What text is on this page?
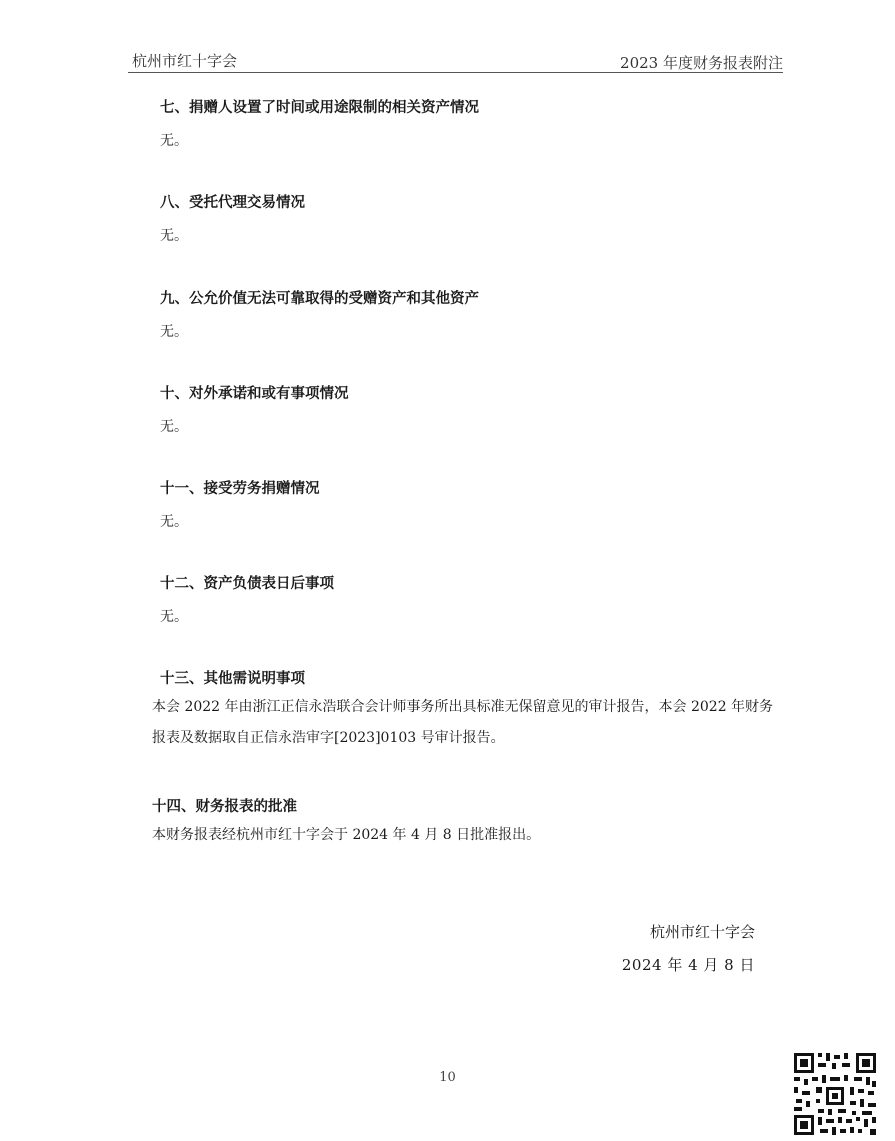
杭州市红十字会	2023 年度财务报表附注
七、捐赠人设置了时间或用途限制的相关资产情况
无。
八、受托代理交易情况
无。
九、公允价值无法可靠取得的受赠资产和其他资产
无。
十、对外承诺和或有事项情况
无。
十一、接受劳务捐赠情况
无。
十二、资产负债表日后事项
无。
十三、其他需说明事项
本会 2022 年由浙江正信永浩联合会计师事务所出具标准无保留意见的审计报告，本会 2022 年财务报表及数据取自正信永浩审字[2023]0103 号审计报告。
十四、财务报表的批准
本财务报表经杭州市红十字会于 2024 年 4 月 8 日批准报出。
杭州市红十字会
2024 年 4 月 8 日
10
